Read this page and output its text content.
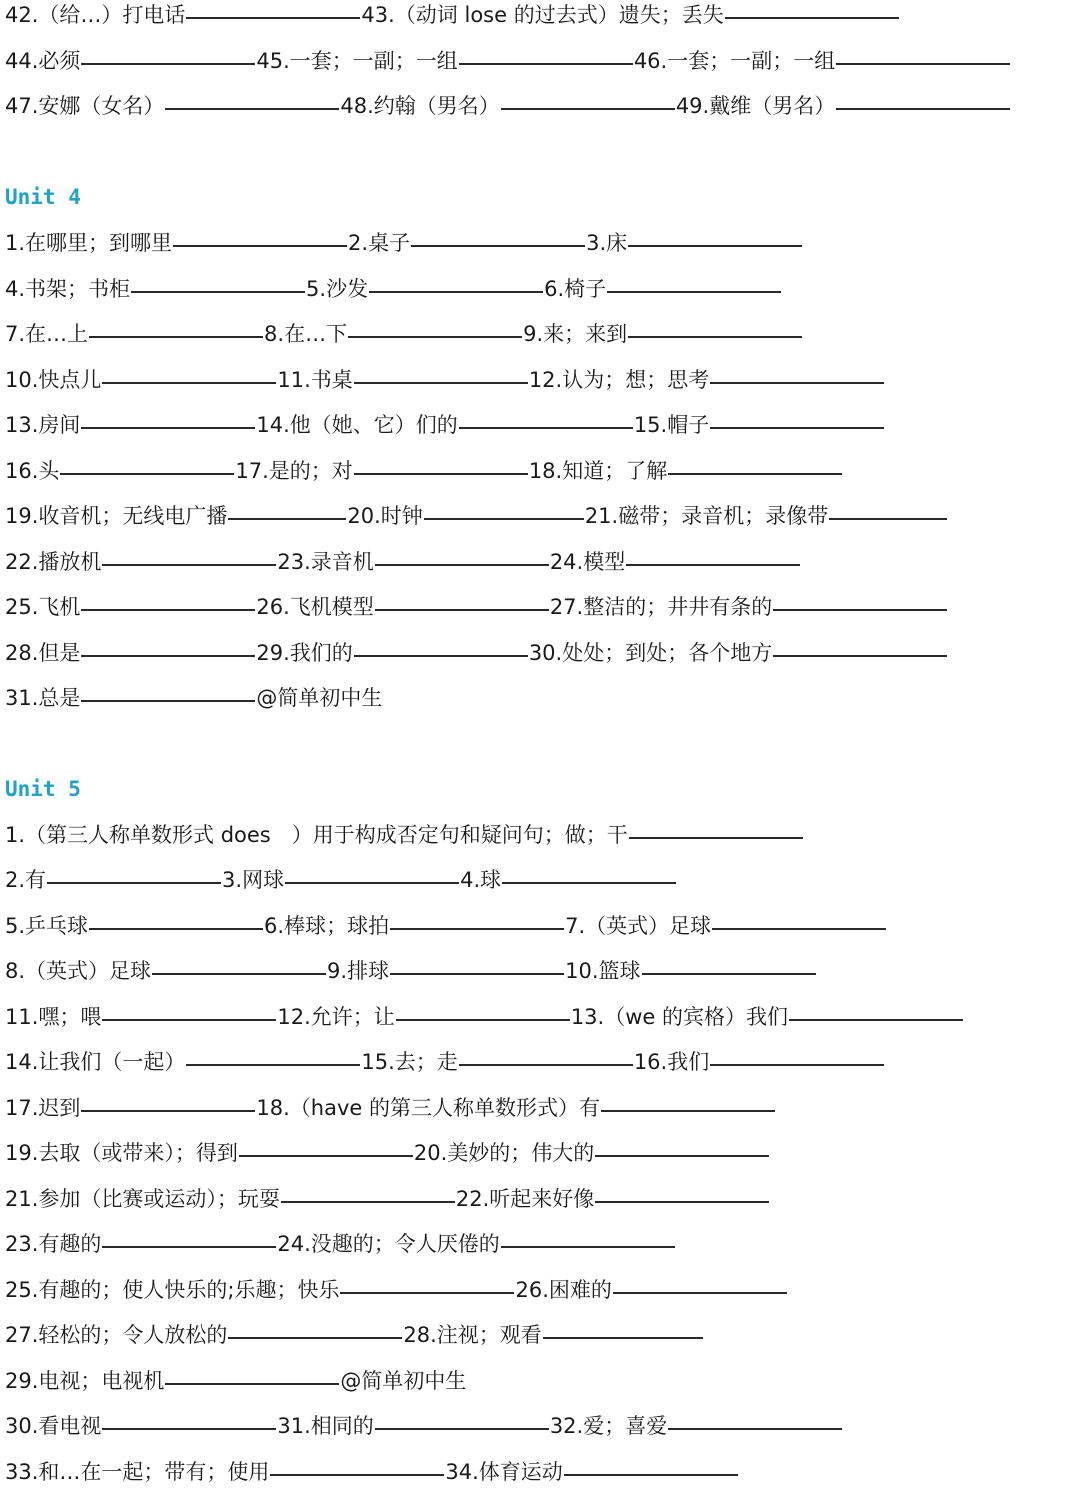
42.（给…）打电话	43.（动词 lose 的过去式）遗失；丢失
44.必须	45.一套；一副；一组	46.一套；一副；一组
47.安娜（女名）	48.约翰（男名）	49.戴维（男名）
Unit 4
1.在哪里；到哪里	2.桌子	3.床
4.书架；书柜	5.沙发	6.椅子
7.在…上	8.在…下	9.来；来到
10.快点儿	11.书桌	12.认为；想；思考
13.房间	14.他（她、它）们的	15.帽子
16.头	17.是的；对	18.知道；了解
19.收音机；无线电广播	20.时钟	21.磁带；录音机；录像带
22.播放机	23.录音机	24.模型
25.飞机	26.飞机模型	27.整洁的；井井有条的
28.但是	29.我们的	30.处处；到处；各个地方
31.总是	@简单初中生
Unit 5
1.（第三人称单数形式 does　）用于构成否定句和疑问句；做；干
2.有	3.网球	4.球
5.乒乓球	6.棒球；球拍	7.（英式）足球
8.（英式）足球	9.排球	10.篮球
11.嘿；喂	12.允许；让	13.（we 的宾格）我们
14.让我们（一起）	15.去；走	16.我们
17.迟到	18.（have 的第三人称单数形式）有
19.去取（或带来）；得到	20.美妙的；伟大的
21.参加（比赛或运动）；玩耍	22.听起来好像
23.有趣的	24.没趣的；令人厌倦的
25.有趣的；使人快乐的;乐趣；快乐	26.困难的
27.轻松的；令人放松的	28.注视；观看
29.电视；电视机	@简单初中生
30.看电视	31.相同的	32.爱；喜爱
33.和…在一起；带有；使用	34.体育运动
